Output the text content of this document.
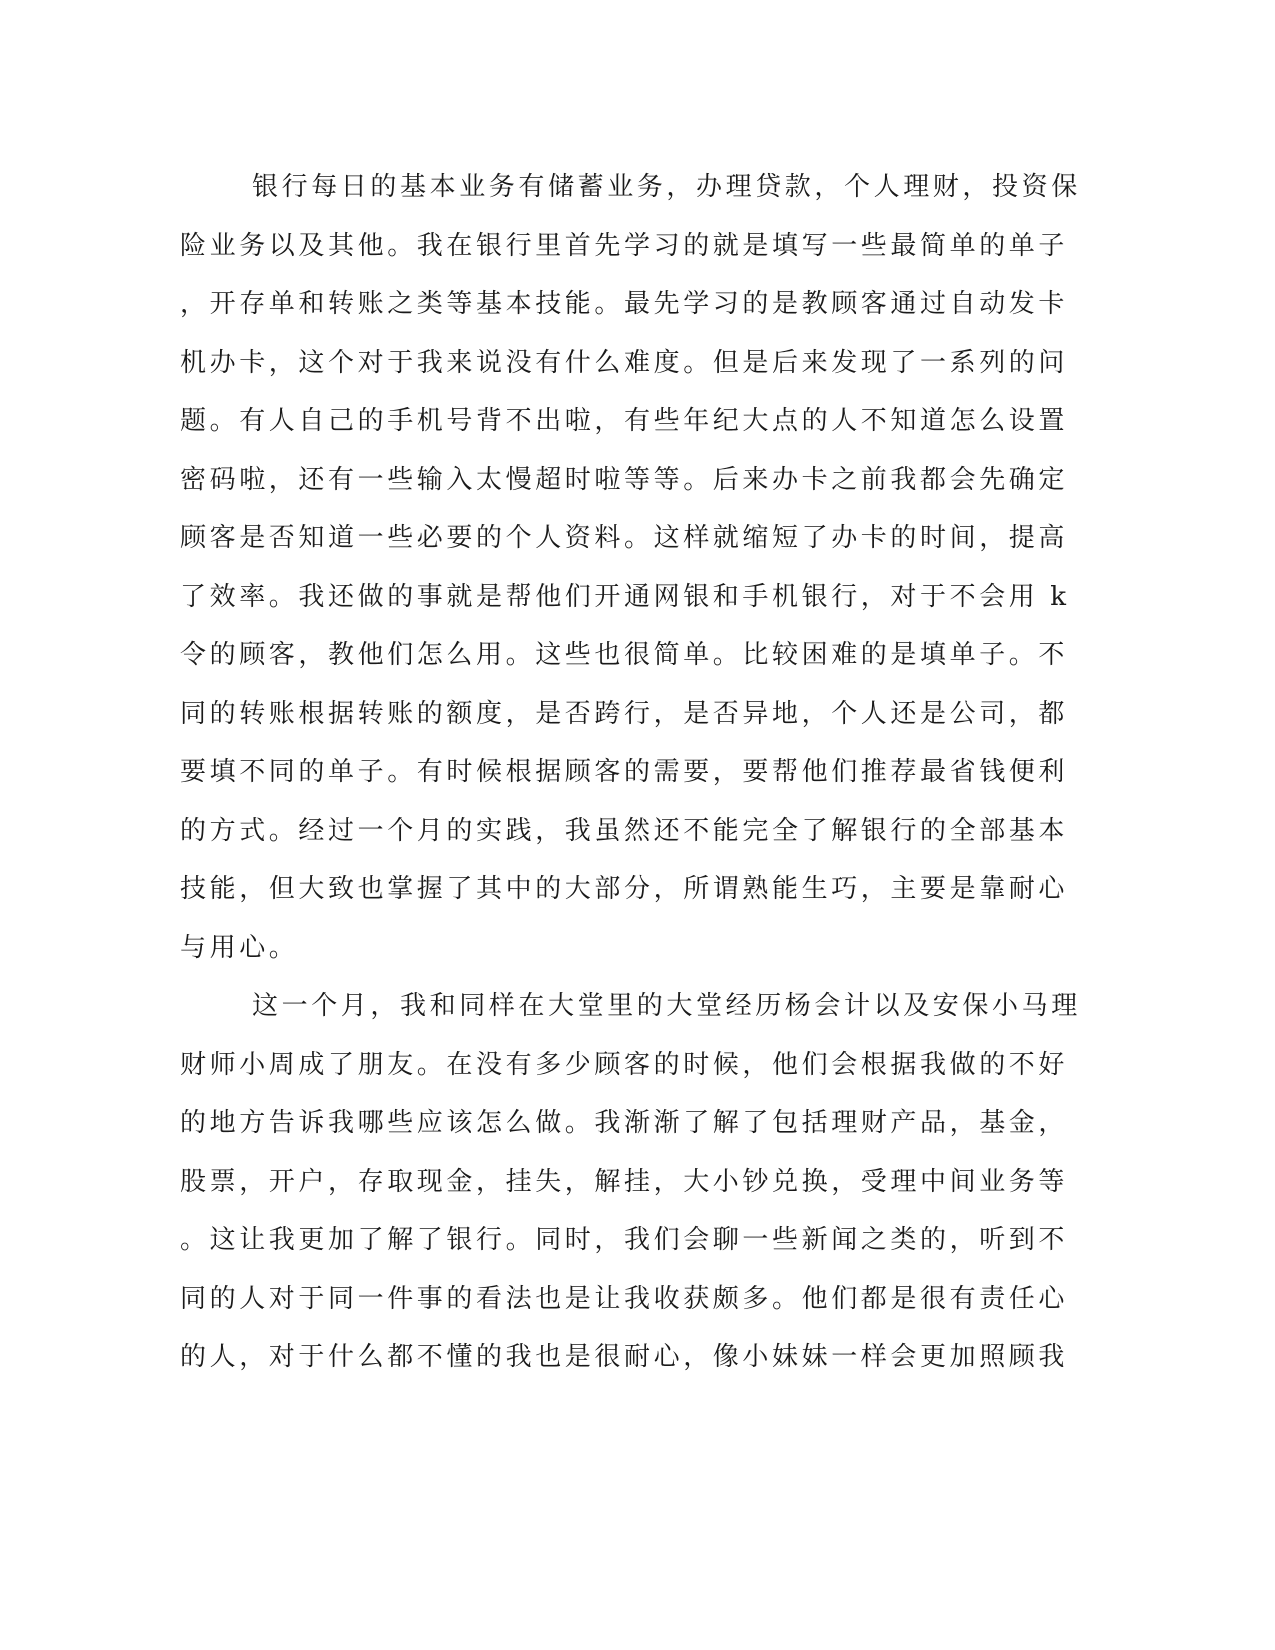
银行每日的基本业务有储蓄业务，办理贷款，个人理财，投资保
险业务以及其他。我在银行里首先学习的就是填写一些最简单的单子
，开存单和转账之类等基本技能。最先学习的是教顾客通过自动发卡
机办卡，这个对于我来说没有什么难度。但是后来发现了一系列的问
题。有人自己的手机号背不出啦，有些年纪大点的人不知道怎么设置
密码啦，还有一些输入太慢超时啦等等。后来办卡之前我都会先确定
顾客是否知道一些必要的个人资料。这样就缩短了办卡的时间，提高
了效率。我还做的事就是帮他们开通网银和手机银行，对于不会用 k
令的顾客，教他们怎么用。这些也很简单。比较困难的是填单子。不
同的转账根据转账的额度，是否跨行，是否异地，个人还是公司，都
要填不同的单子。有时候根据顾客的需要，要帮他们推荐最省钱便利
的方式。经过一个月的实践，我虽然还不能完全了解银行的全部基本
技能，但大致也掌握了其中的大部分，所谓熟能生巧，主要是靠耐心
与用心。
这一个月，我和同样在大堂里的大堂经历杨会计以及安保小马理
财师小周成了朋友。在没有多少顾客的时候，他们会根据我做的不好
的地方告诉我哪些应该怎么做。我渐渐了解了包括理财产品，基金，
股票，开户，存取现金，挂失，解挂，大小钞兑换，受理中间业务等
。这让我更加了解了银行。同时，我们会聊一些新闻之类的，听到不
同的人对于同一件事的看法也是让我收获颇多。他们都是很有责任心
的人，对于什么都不懂的我也是很耐心，像小妹妹一样会更加照顾我
